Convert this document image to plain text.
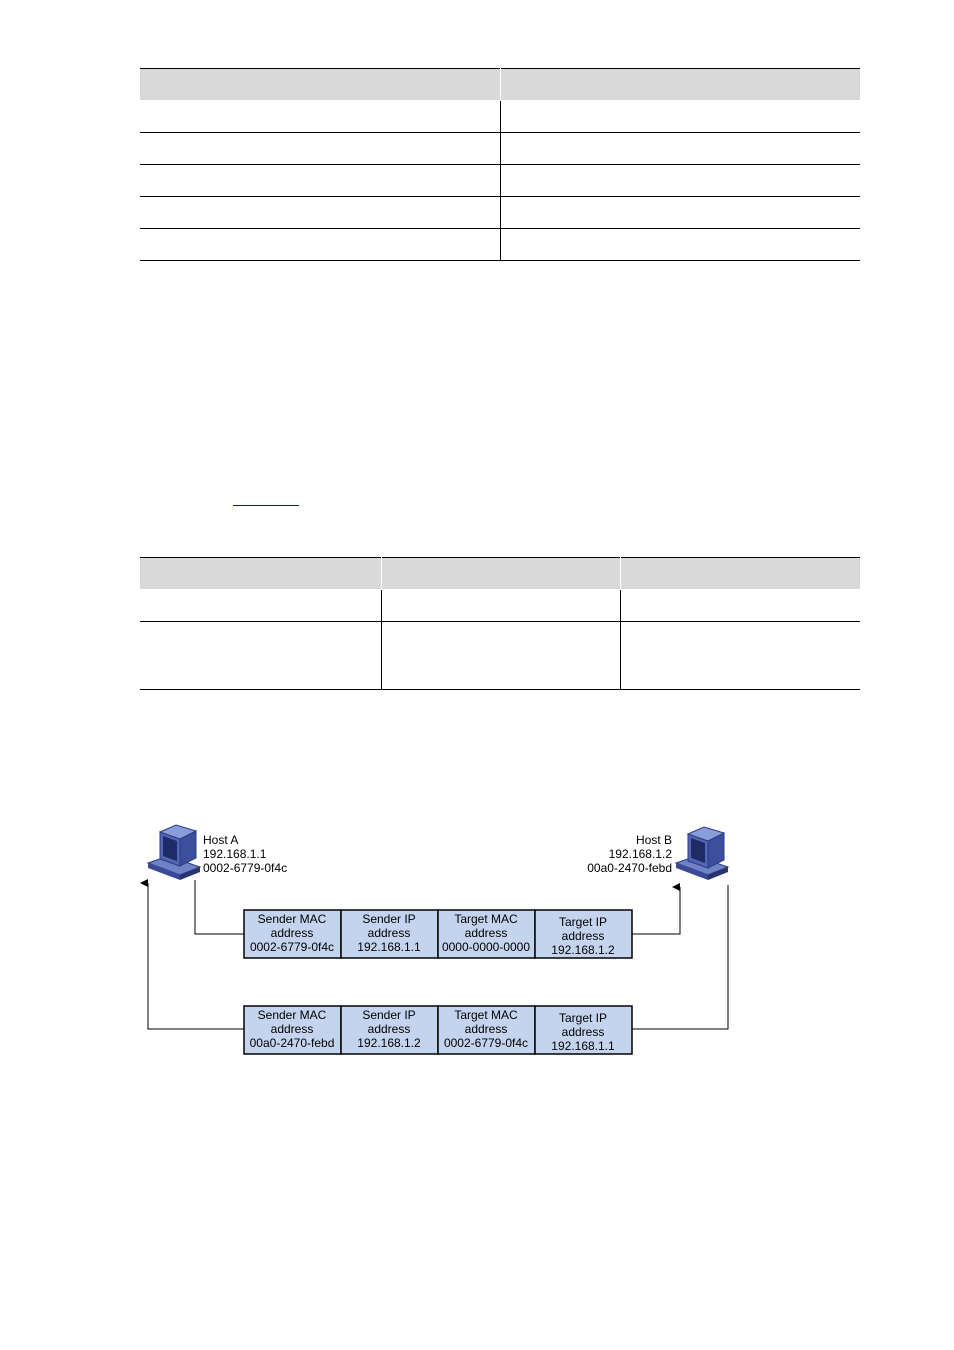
Host A
192.168.1.1
0002-6779-0f4c
Host B
192.168.1.2
00a0-2470-febd
Sender MAC
address
0002-6779-0f4c
Sender IP
address
192.168.1.1
Target MAC
address
0000-0000-0000
Target IP
address
192.168.1.2
Sender MAC
address
00a0-2470-febd
Sender IP
address
192.168.1.2
Target MAC
address
0002-6779-0f4c
Target IP
address
192.168.1.1
